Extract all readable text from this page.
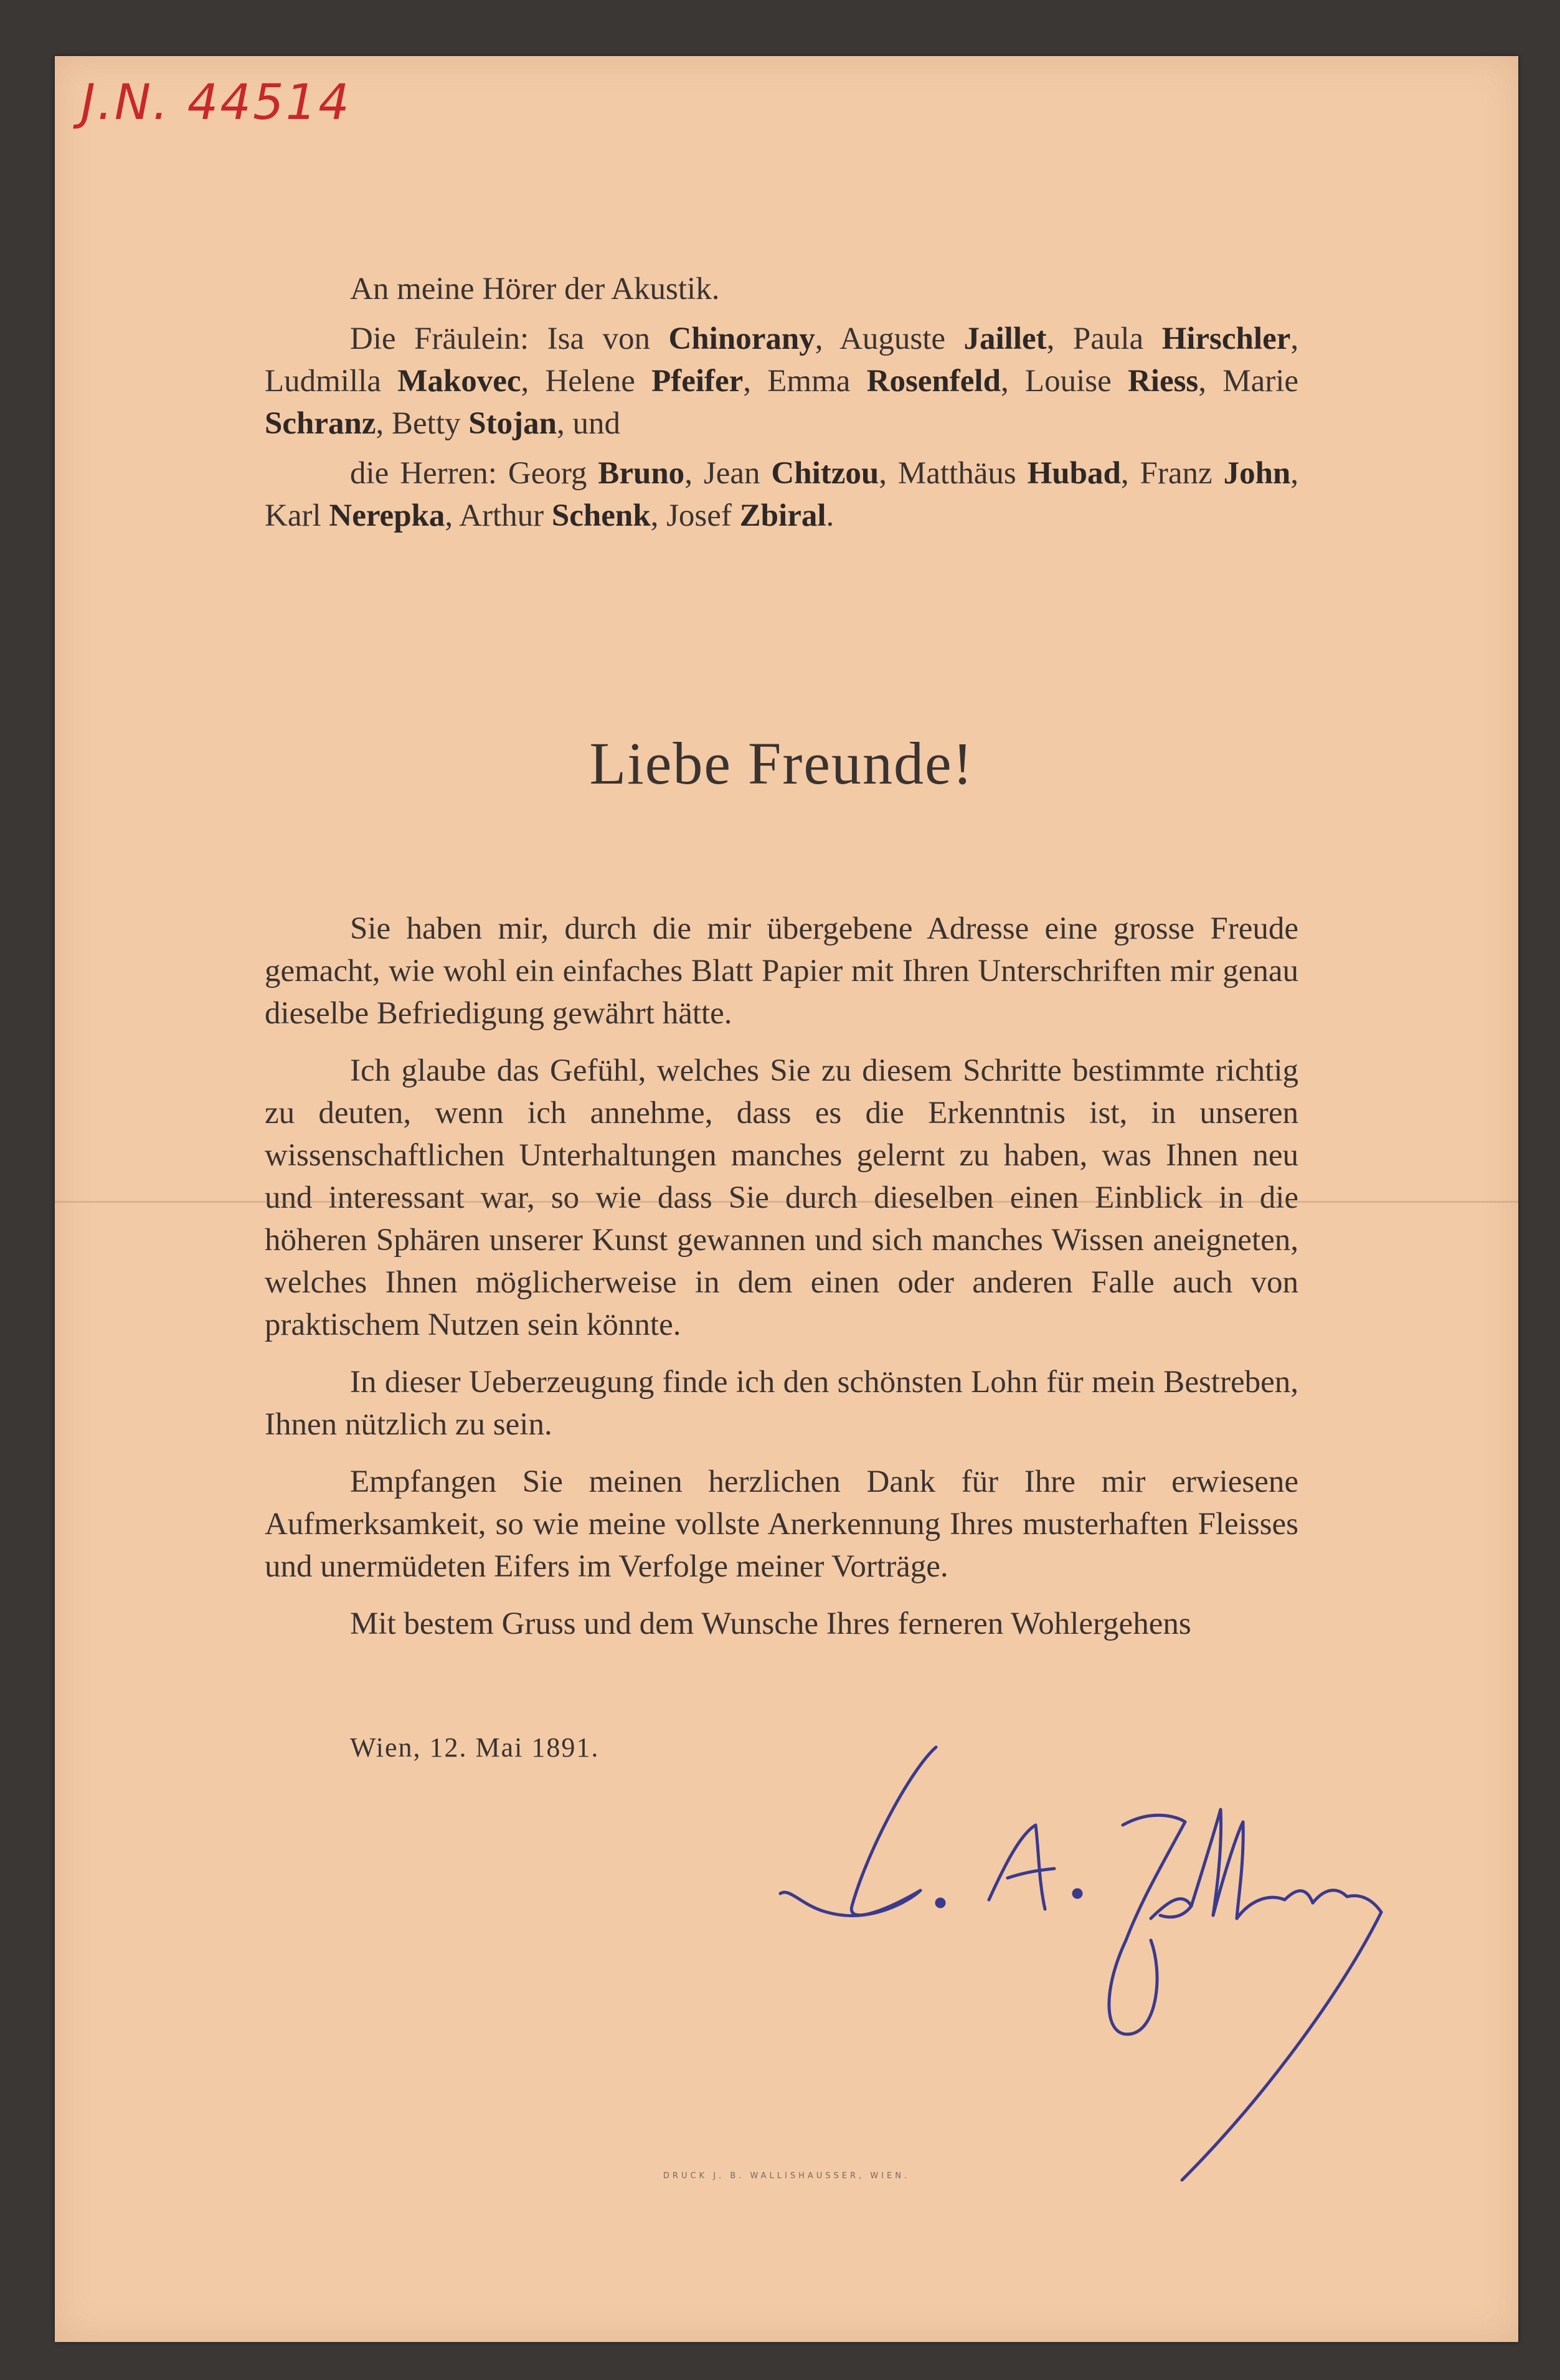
J.N. 44514

An meine Hörer der Akustik.

Die Fräulein: Isa von Chinorany, Auguste Jaillet, Paula Hirschler, Ludmilla Makovec, Helene Pfeifer, Emma Rosenfeld, Louise Riess, Marie Schranz, Betty Stojan, und

die Herren: Georg Bruno, Jean Chitzou, Matthäus Hubad, Franz John, Karl Nerepka, Arthur Schenk, Josef Zbiral.

Liebe Freunde!

Sie haben mir, durch die mir übergebene Adresse eine grosse Freude gemacht, wie wohl ein einfaches Blatt Papier mit Ihren Unterschriften mir genau dieselbe Befriedigung gewährt hätte.

Ich glaube das Gefühl, welches Sie zu diesem Schritte bestimmte richtig zu deuten, wenn ich annehme, dass es die Erkenntnis ist, in unseren wissenschaftlichen Unterhaltungen manches gelernt zu haben, was Ihnen neu und interessant war, so wie dass Sie durch dieselben einen Einblick in die höheren Sphären unserer Kunst gewannen und sich manches Wissen aneigneten, welches Ihnen möglicherweise in dem einen oder anderen Falle auch von praktischem Nutzen sein könnte.

In dieser Ueberzeugung finde ich den schönsten Lohn für mein Bestreben, Ihnen nützlich zu sein.

Empfangen Sie meinen herzlichen Dank für Ihre mir erwiesene Aufmerksamkeit, so wie meine vollste Anerkennung Ihres musterhaften Fleisses und unermüdeten Eifers im Verfolge meiner Vorträge.

Mit bestem Gruss und dem Wunsche Ihres ferneren Wohlergehens

Wien, 12. Mai 1891.
DRUCK J. B. WALLISHAUSSER, WIEN.
